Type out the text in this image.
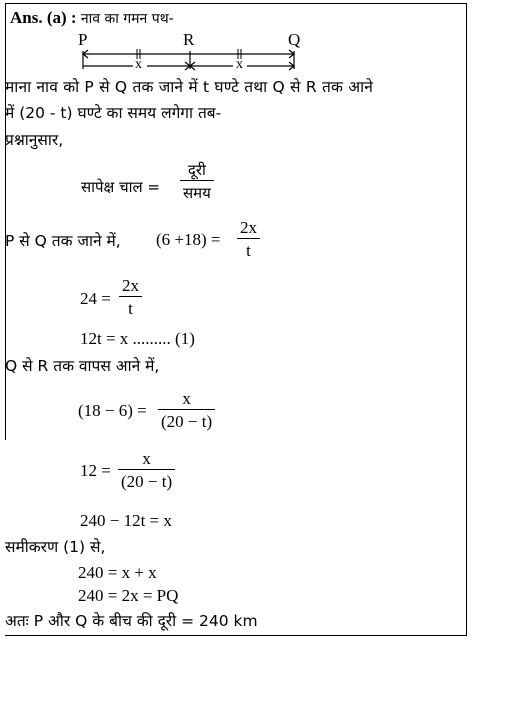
Ans. (a) : नाव का गमन पथ-
P	R	Q
x	x
माना नाव को P से Q तक जाने में t घण्टे तथा Q से R तक आने
में (20 - t) घण्टे का समय लगेगा तब-
प्रश्नानुसार,
सापेक्ष चाल =
दूरी
समय
P से Q तक जाने में, (6 +18) =
2x
t
24 =
2x
t
12t = x ......... (1)
Q से R तक वापस आने में,
(18 − 6) =
x
(20 − t)
12 =
x
(20 − t)
240 − 12t = x
समीकरण (1) से,
240 = x + x
240 = 2x = PQ
अतः P और Q के बीच की दूरी = 240 km
